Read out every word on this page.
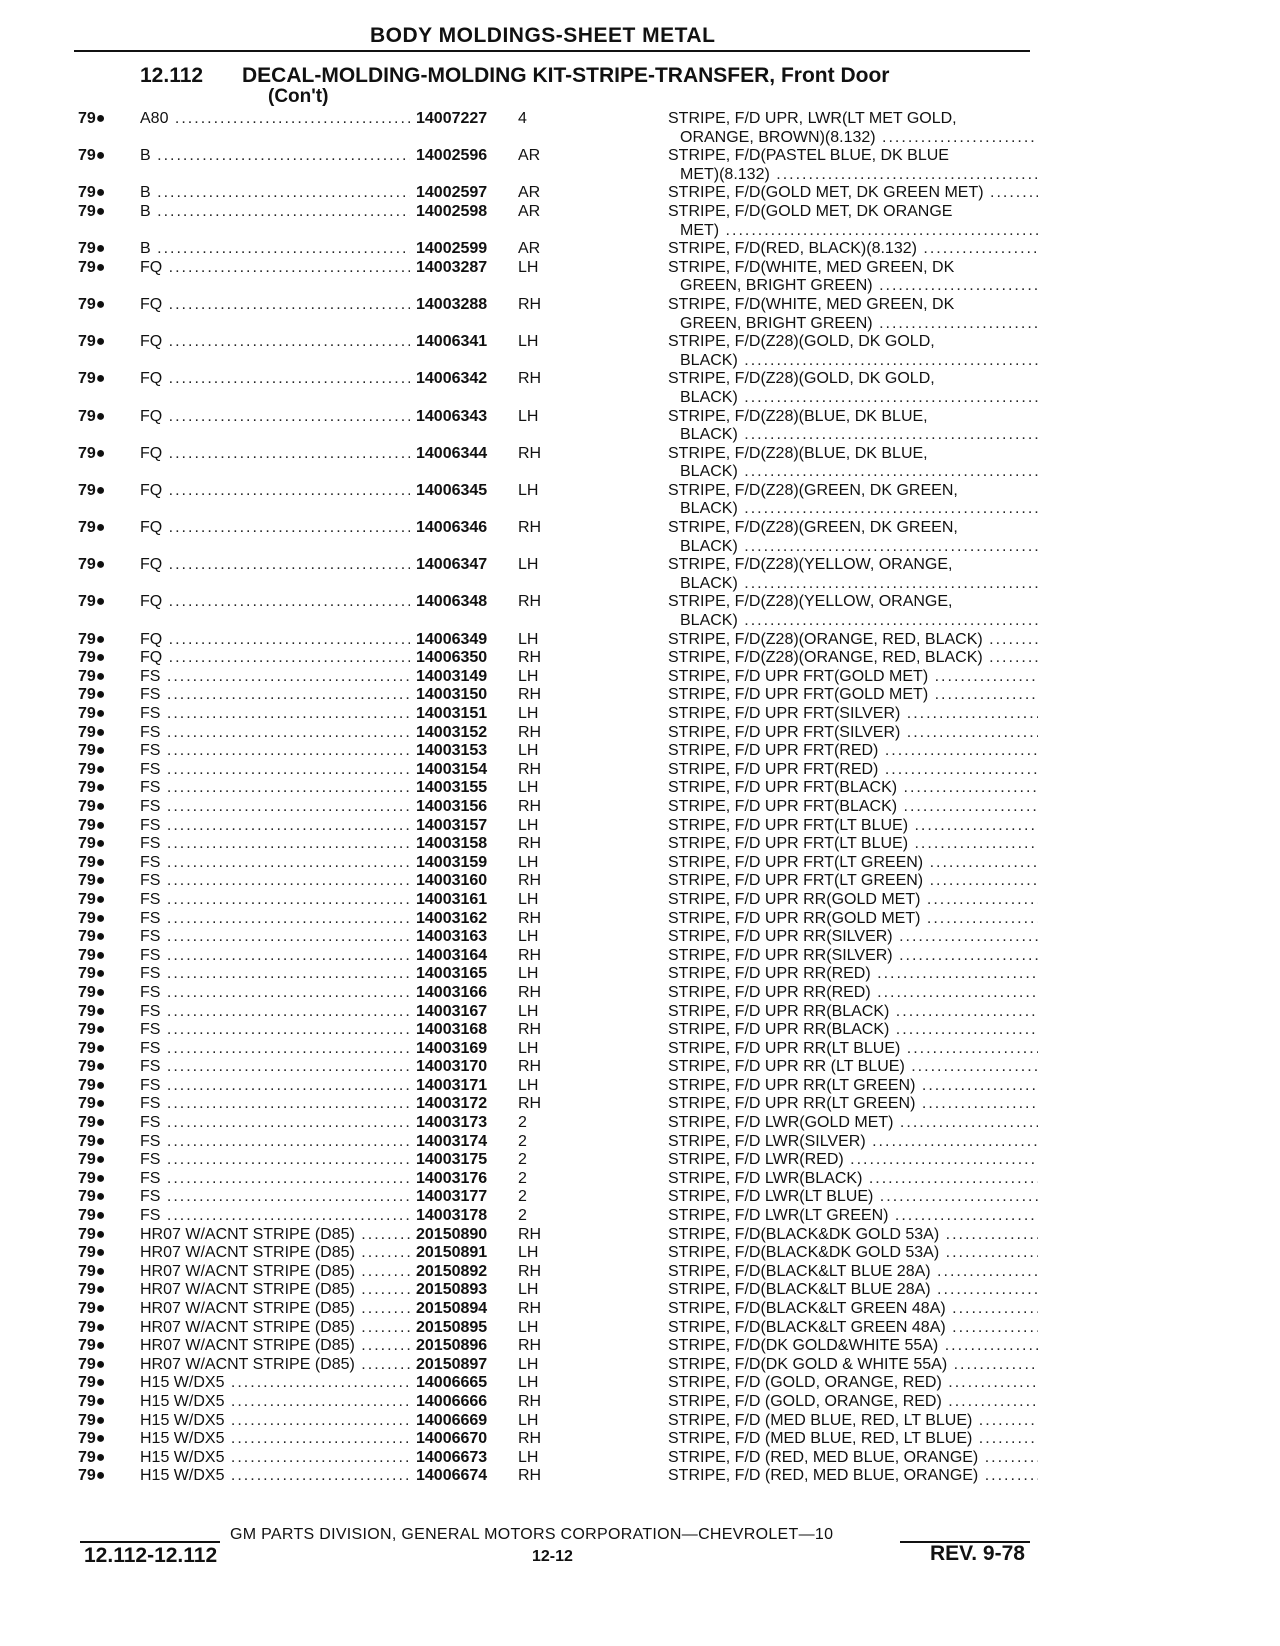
BODY MOLDINGS-SHEET METAL
12.112 DECAL-MOLDING-MOLDING KIT-STRIPE-TRANSFER, Front Door
(Con't)
79●	A80 .....	14007227	4	STRIPE, F/D UPR, LWR(LT MET GOLD,
ORANGE, BROWN)(8.132) .....
79●	B .....	14002596	AR	STRIPE, F/D(PASTEL BLUE, DK BLUE
MET)(8.132) .....
79●	B .....	14002597	AR	STRIPE, F/D(GOLD MET, DK GREEN MET) .....
79●	B .....	14002598	AR	STRIPE, F/D(GOLD MET, DK ORANGE
MET) .....
79●	B .....	14002599	AR	STRIPE, F/D(RED, BLACK)(8.132) .....
79●	FQ .....	14003287	LH	STRIPE, F/D(WHITE, MED GREEN, DK
GREEN, BRIGHT GREEN) .....
79●	FQ .....	14003288	RH	STRIPE, F/D(WHITE, MED GREEN, DK
GREEN, BRIGHT GREEN) .....
79●	FQ .....	14006341	LH	STRIPE, F/D(Z28)(GOLD, DK GOLD,
BLACK) .....
79●	FQ .....	14006342	RH	STRIPE, F/D(Z28)(GOLD, DK GOLD,
BLACK) .....
79●	FQ .....	14006343	LH	STRIPE, F/D(Z28)(BLUE, DK BLUE,
BLACK) .....
79●	FQ .....	14006344	RH	STRIPE, F/D(Z28)(BLUE, DK BLUE,
BLACK) .....
79●	FQ .....	14006345	LH	STRIPE, F/D(Z28)(GREEN, DK GREEN,
BLACK) .....
79●	FQ .....	14006346	RH	STRIPE, F/D(Z28)(GREEN, DK GREEN,
BLACK) .....
79●	FQ .....	14006347	LH	STRIPE, F/D(Z28)(YELLOW, ORANGE,
BLACK) .....
79●	FQ .....	14006348	RH	STRIPE, F/D(Z28)(YELLOW, ORANGE,
BLACK) .....
79●	FQ .....	14006349	LH	STRIPE, F/D(Z28)(ORANGE, RED, BLACK) .....
79●	FQ .....	14006350	RH	STRIPE, F/D(Z28)(ORANGE, RED, BLACK) .....
79●	FS .....	14003149	LH	STRIPE, F/D UPR FRT(GOLD MET) .....
79●	FS .....	14003150	RH	STRIPE, F/D UPR FRT(GOLD MET) .....
79●	FS .....	14003151	LH	STRIPE, F/D UPR FRT(SILVER) .....
79●	FS .....	14003152	RH	STRIPE, F/D UPR FRT(SILVER) .....
79●	FS .....	14003153	LH	STRIPE, F/D UPR FRT(RED) .....
79●	FS .....	14003154	RH	STRIPE, F/D UPR FRT(RED) .....
79●	FS .....	14003155	LH	STRIPE, F/D UPR FRT(BLACK) .....
79●	FS .....	14003156	RH	STRIPE, F/D UPR FRT(BLACK) .....
79●	FS .....	14003157	LH	STRIPE, F/D UPR FRT(LT BLUE) .....
79●	FS .....	14003158	RH	STRIPE, F/D UPR FRT(LT BLUE) .....
79●	FS .....	14003159	LH	STRIPE, F/D UPR FRT(LT GREEN) .....
79●	FS .....	14003160	RH	STRIPE, F/D UPR FRT(LT GREEN) .....
79●	FS .....	14003161	LH	STRIPE, F/D UPR RR(GOLD MET) .....
79●	FS .....	14003162	RH	STRIPE, F/D UPR RR(GOLD MET) .....
79●	FS .....	14003163	LH	STRIPE, F/D UPR RR(SILVER) .....
79●	FS .....	14003164	RH	STRIPE, F/D UPR RR(SILVER) .....
79●	FS .....	14003165	LH	STRIPE, F/D UPR RR(RED) .....
79●	FS .....	14003166	RH	STRIPE, F/D UPR RR(RED) .....
79●	FS .....	14003167	LH	STRIPE, F/D UPR RR(BLACK) .....
79●	FS .....	14003168	RH	STRIPE, F/D UPR RR(BLACK) .....
79●	FS .....	14003169	LH	STRIPE, F/D UPR RR(LT BLUE) .....
79●	FS .....	14003170	RH	STRIPE, F/D UPR RR (LT BLUE) .....
79●	FS .....	14003171	LH	STRIPE, F/D UPR RR(LT GREEN) .....
79●	FS .....	14003172	RH	STRIPE, F/D UPR RR(LT GREEN) .....
79●	FS .....	14003173	2	STRIPE, F/D LWR(GOLD MET) .....
79●	FS .....	14003174	2	STRIPE, F/D LWR(SILVER) .....
79●	FS .....	14003175	2	STRIPE, F/D LWR(RED) .....
79●	FS .....	14003176	2	STRIPE, F/D LWR(BLACK) .....
79●	FS .....	14003177	2	STRIPE, F/D LWR(LT BLUE) .....
79●	FS .....	14003178	2	STRIPE, F/D LWR(LT GREEN) .....
79●	HR07 W/ACNT STRIPE (D85) .....	20150890	RH	STRIPE, F/D(BLACK&DK GOLD 53A) .....
79●	HR07 W/ACNT STRIPE (D85) .....	20150891	LH	STRIPE, F/D(BLACK&DK GOLD 53A) .....
79●	HR07 W/ACNT STRIPE (D85) .....	20150892	RH	STRIPE, F/D(BLACK&LT BLUE 28A) .....
79●	HR07 W/ACNT STRIPE (D85) .....	20150893	LH	STRIPE, F/D(BLACK&LT BLUE 28A) .....
79●	HR07 W/ACNT STRIPE (D85) .....	20150894	RH	STRIPE, F/D(BLACK&LT GREEN 48A) .....
79●	HR07 W/ACNT STRIPE (D85) .....	20150895	LH	STRIPE, F/D(BLACK&LT GREEN 48A) .....
79●	HR07 W/ACNT STRIPE (D85) .....	20150896	RH	STRIPE, F/D(DK GOLD&WHITE 55A) .....
79●	HR07 W/ACNT STRIPE (D85) .....	20150897	LH	STRIPE, F/D(DK GOLD & WHITE 55A) .....
79●	H15 W/DX5 .....	14006665	LH	STRIPE, F/D (GOLD, ORANGE, RED) .....
79●	H15 W/DX5 .....	14006666	RH	STRIPE, F/D (GOLD, ORANGE, RED) .....
79●	H15 W/DX5 .....	14006669	LH	STRIPE, F/D (MED BLUE, RED, LT BLUE) .....
79●	H15 W/DX5 .....	14006670	RH	STRIPE, F/D (MED BLUE, RED, LT BLUE) .....
79●	H15 W/DX5 .....	14006673	LH	STRIPE, F/D (RED, MED BLUE, ORANGE) .....
79●	H15 W/DX5 .....	14006674	RH	STRIPE, F/D (RED, MED BLUE, ORANGE) .....
GM PARTS DIVISION, GENERAL MOTORS CORPORATION—CHEVROLET—10
12.112-12.112	12-12	REV. 9-78
